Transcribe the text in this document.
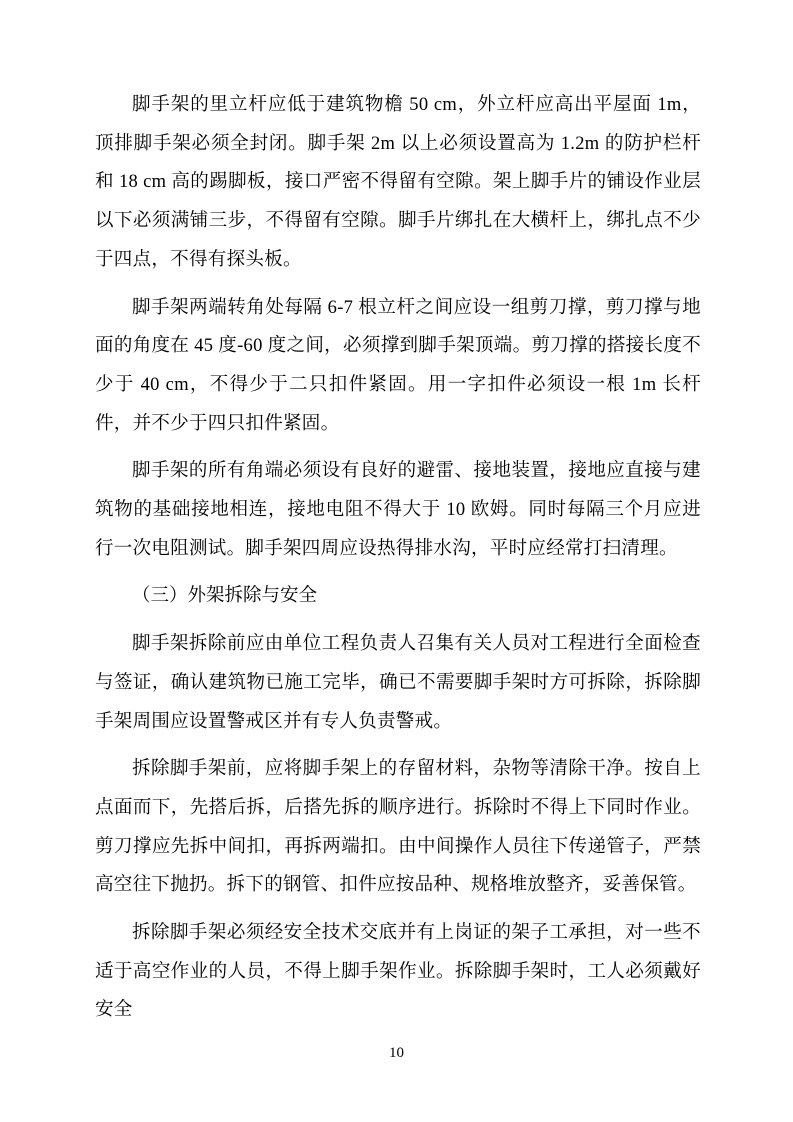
脚手架的里立杆应低于建筑物檐 50 cm，外立杆应高出平屋面 1m，顶排脚手架必须全封闭。脚手架 2m 以上必须设置高为 1.2m 的防护栏杆和 18 cm 高的踢脚板，接口严密不得留有空隙。架上脚手片的铺设作业层以下必须满铺三步，不得留有空隙。脚手片绑扎在大横杆上，绑扎点不少于四点，不得有探头板。

脚手架两端转角处每隔 6-7 根立杆之间应设一组剪刀撑，剪刀撑与地面的角度在 45 度-60 度之间，必须撑到脚手架顶端。剪刀撑的搭接长度不少于 40 cm，不得少于二只扣件紧固。用一字扣件必须设一根 1m 长杆件，并不少于四只扣件紧固。

脚手架的所有角端必须设有良好的避雷、接地装置，接地应直接与建筑物的基础接地相连，接地电阻不得大于 10 欧姆。同时每隔三个月应进行一次电阻测试。脚手架四周应设热得排水沟，平时应经常打扫清理。

（三）外架拆除与安全

脚手架拆除前应由单位工程负责人召集有关人员对工程进行全面检查与签证，确认建筑物已施工完毕，确已不需要脚手架时方可拆除，拆除脚手架周围应设置警戒区并有专人负责警戒。

拆除脚手架前，应将脚手架上的存留材料，杂物等清除干净。按自上点面而下，先搭后拆，后搭先拆的顺序进行。拆除时不得上下同时作业。剪刀撑应先拆中间扣，再拆两端扣。由中间操作人员往下传递管子，严禁高空往下抛扔。拆下的钢管、扣件应按品种、规格堆放整齐，妥善保管。

拆除脚手架必须经安全技术交底并有上岗证的架子工承担，对一些不适于高空作业的人员，不得上脚手架作业。拆除脚手架时，工人必须戴好安全

10
